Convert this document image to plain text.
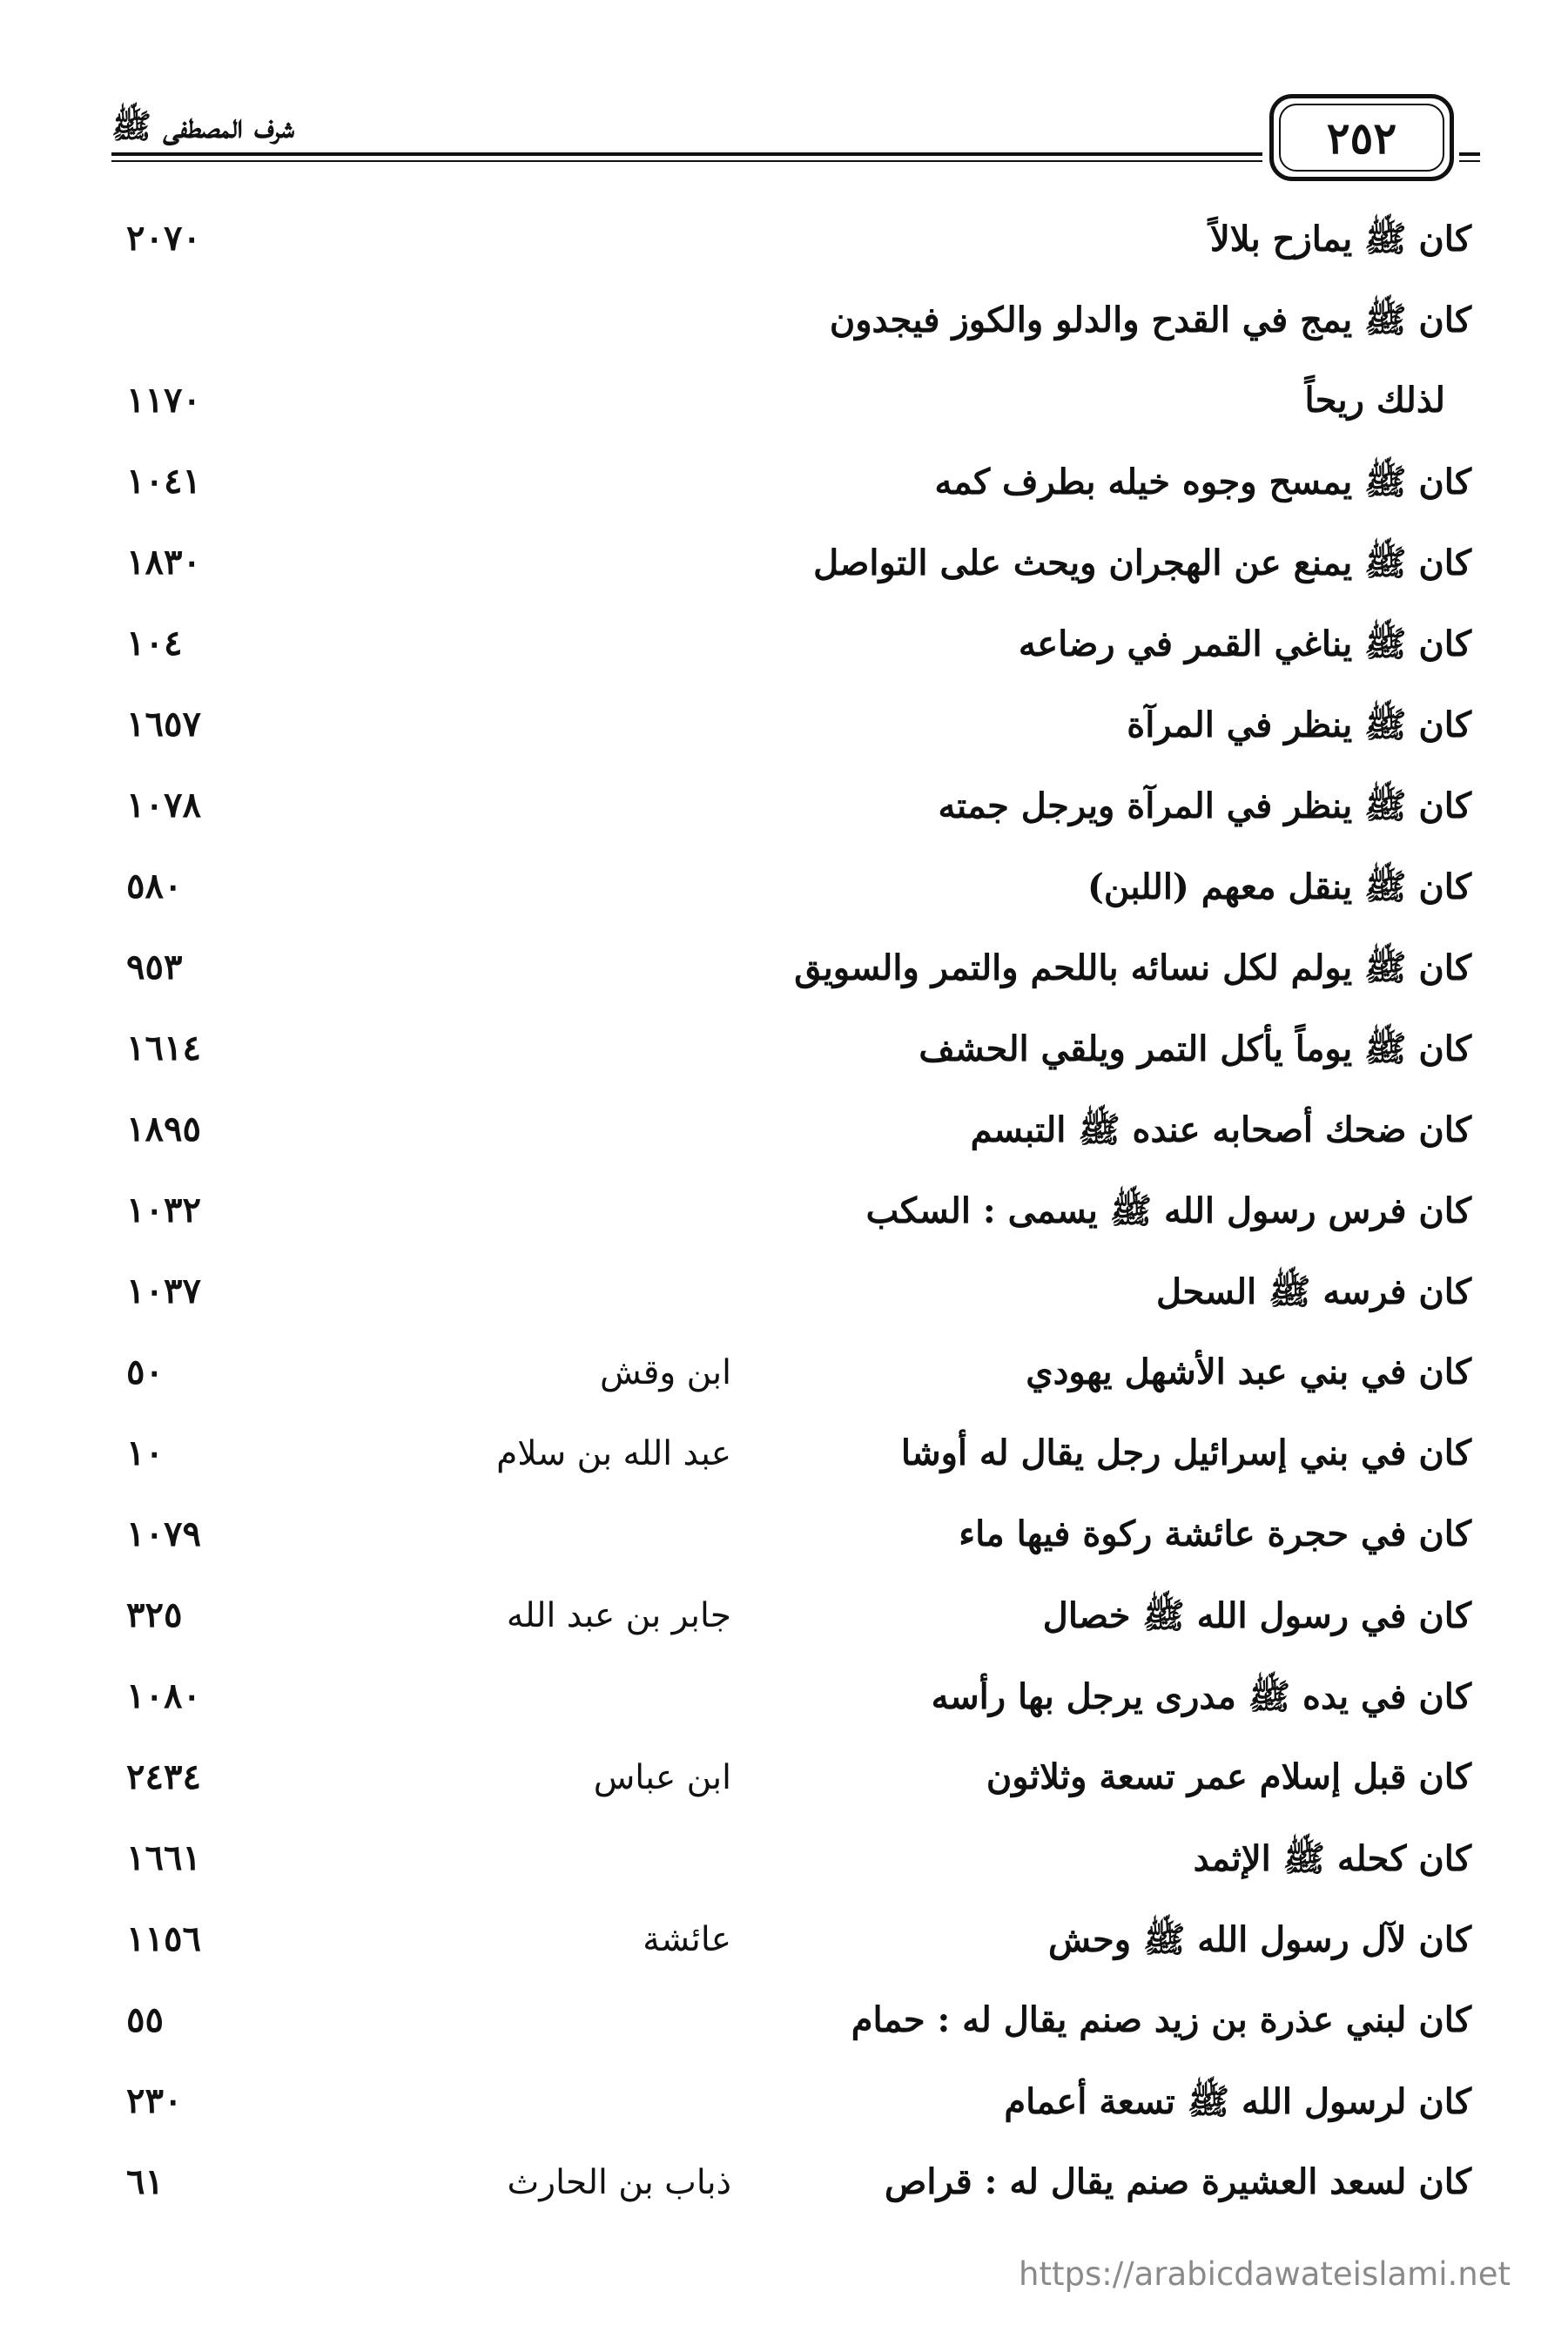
شرف المصطفى ﷺ	٢٥٢
كان ﷺ يمازح بلالاً
٢٠٧٠
كان ﷺ يمج في القدح والدلو والكوز فيجدون
لذلك ريحاً
١١٧٠
كان ﷺ يمسح وجوه خيله بطرف كمه
١٠٤١
كان ﷺ يمنع عن الهجران ويحث على التواصل
١٨٣٠
كان ﷺ يناغي القمر في رضاعه
١٠٤
كان ﷺ ينظر في المرآة
١٦٥٧
كان ﷺ ينظر في المرآة ويرجل جمته
١٠٧٨
كان ﷺ ينقل معهم (اللبن)
٥٨٠
كان ﷺ يولم لكل نسائه باللحم والتمر والسويق
٩٥٣
كان ﷺ يوماً يأكل التمر ويلقي الحشف
١٦١٤
كان ضحك أصحابه عنده ﷺ التبسم
١٨٩٥
كان فرس رسول الله ﷺ يسمى : السكب
١٠٣٢
كان فرسه ﷺ السحل
١٠٣٧
كان في بني عبد الأشهل يهودي
ابن وقش
٥٠
كان في بني إسرائيل رجل يقال له أوشا
عبد الله بن سلام
١٠
كان في حجرة عائشة ركوة فيها ماء
١٠٧٩
كان في رسول الله ﷺ خصال
جابر بن عبد الله
٣٢٥
كان في يده ﷺ مدرى يرجل بها رأسه
١٠٨٠
كان قبل إسلام عمر تسعة وثلاثون
ابن عباس
٢٤٣٤
كان كحله ﷺ الإثمد
١٦٦١
كان لآل رسول الله ﷺ وحش
عائشة
١١٥٦
كان لبني عذرة بن زيد صنم يقال له : حمام
٥٥
كان لرسول الله ﷺ تسعة أعمام
٢٣٠
كان لسعد العشيرة صنم يقال له : قراص
ذباب بن الحارث
٦١
https://arabicdawateislami.net
